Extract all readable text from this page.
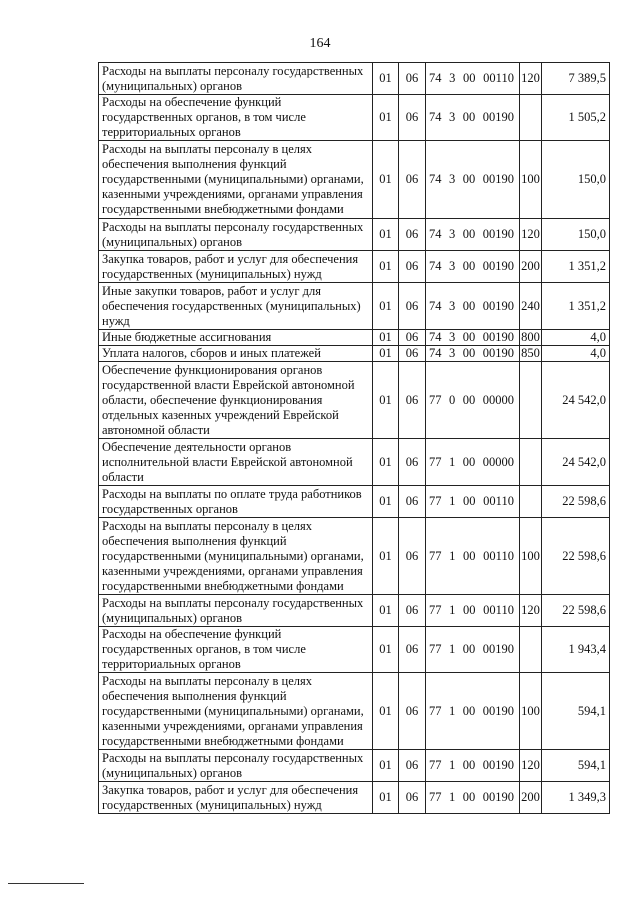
164
Расходы на выплаты персоналу государственных (муниципальных) органов	01	06	74 3 00 00110	120	7 389,5
Расходы на обеспечение функций государственных органов, в том числе территориальных органов	01	06	74 3 00 00190		1 505,2
Расходы на выплаты персоналу в целях обеспечения выполнения функций государственными (муниципальными) органами, казенными учреждениями, органами управления государственными внебюджетными фондами	01	06	74 3 00 00190	100	150,0
Расходы на выплаты персоналу государственных (муниципальных) органов	01	06	74 3 00 00190	120	150,0
Закупка товаров, работ и услуг для обеспечения государственных (муниципальных) нужд	01	06	74 3 00 00190	200	1 351,2
Иные закупки товаров, работ и услуг для обеспечения государственных (муниципальных) нужд	01	06	74 3 00 00190	240	1 351,2
Иные бюджетные ассигнования	01	06	74 3 00 00190	800	4,0
Уплата налогов, сборов и иных платежей	01	06	74 3 00 00190	850	4,0
Обеспечение функционирования органов государственной власти Еврейской автономной области, обеспечение функционирования отдельных казенных учреждений Еврейской автономной области	01	06	77 0 00 00000		24 542,0
Обеспечение деятельности органов исполнительной власти Еврейской автономной области	01	06	77 1 00 00000		24 542,0
Расходы на выплаты по оплате труда работников государственных органов	01	06	77 1 00 00110		22 598,6
Расходы на выплаты персоналу в целях обеспечения выполнения функций государственными (муниципальными) органами, казенными учреждениями, органами управления государственными внебюджетными фондами	01	06	77 1 00 00110	100	22 598,6
Расходы на выплаты персоналу государственных (муниципальных) органов	01	06	77 1 00 00110	120	22 598,6
Расходы на обеспечение функций государственных органов, в том числе территориальных органов	01	06	77 1 00 00190		1 943,4
Расходы на выплаты персоналу в целях обеспечения выполнения функций государственными (муниципальными) органами, казенными учреждениями, органами управления государственными внебюджетными фондами	01	06	77 1 00 00190	100	594,1
Расходы на выплаты персоналу государственных (муниципальных) органов	01	06	77 1 00 00190	120	594,1
Закупка товаров, работ и услуг для обеспечения государственных (муниципальных) нужд	01	06	77 1 00 00190	200	1 349,3
